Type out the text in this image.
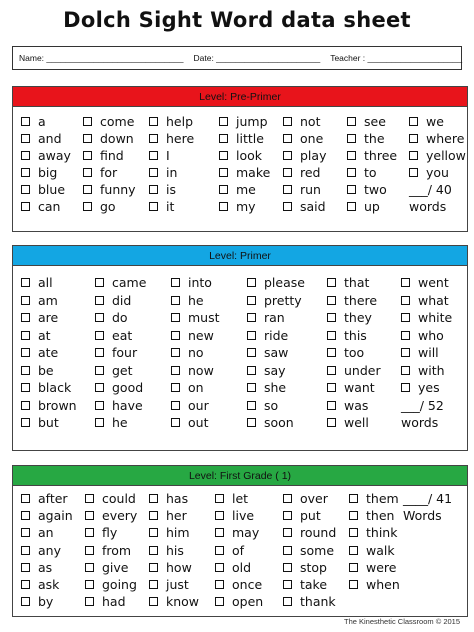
Dolch Sight Word data sheet
Name: _____________________________ Date: ______________________ Teacher : ____________________
Level: Pre-Primer
a
and
away
big
blue
can
come
down
find
for
funny
go
help
here
I
in
is
it
jump
little
look
make
me
my
not
one
play
red
run
said
see
the
three
to
two
up
we
where
yellow
you
___/ 40
words
Level: Primer
all
am
are
at
ate
be
black
brown
but
came
did
do
eat
four
get
good
have
he
into
he
must
new
no
now
on
our
out
please
pretty
ran
ride
saw
say
she
so
soon
that
there
they
this
too
under
want
was
well
went
what
white
who
will
with
yes
___/ 52
words
Level: First Grade ( 1)
after
again
an
any
as
ask
by
could
every
fly
from
give
going
had
has
her
him
his
how
just
know
let
live
may
of
old
once
open
over
put
round
some
stop
take
thank
them
then
think
walk
were
when
____/ 41
Words
The Kinesthetic Classroom © 2015
